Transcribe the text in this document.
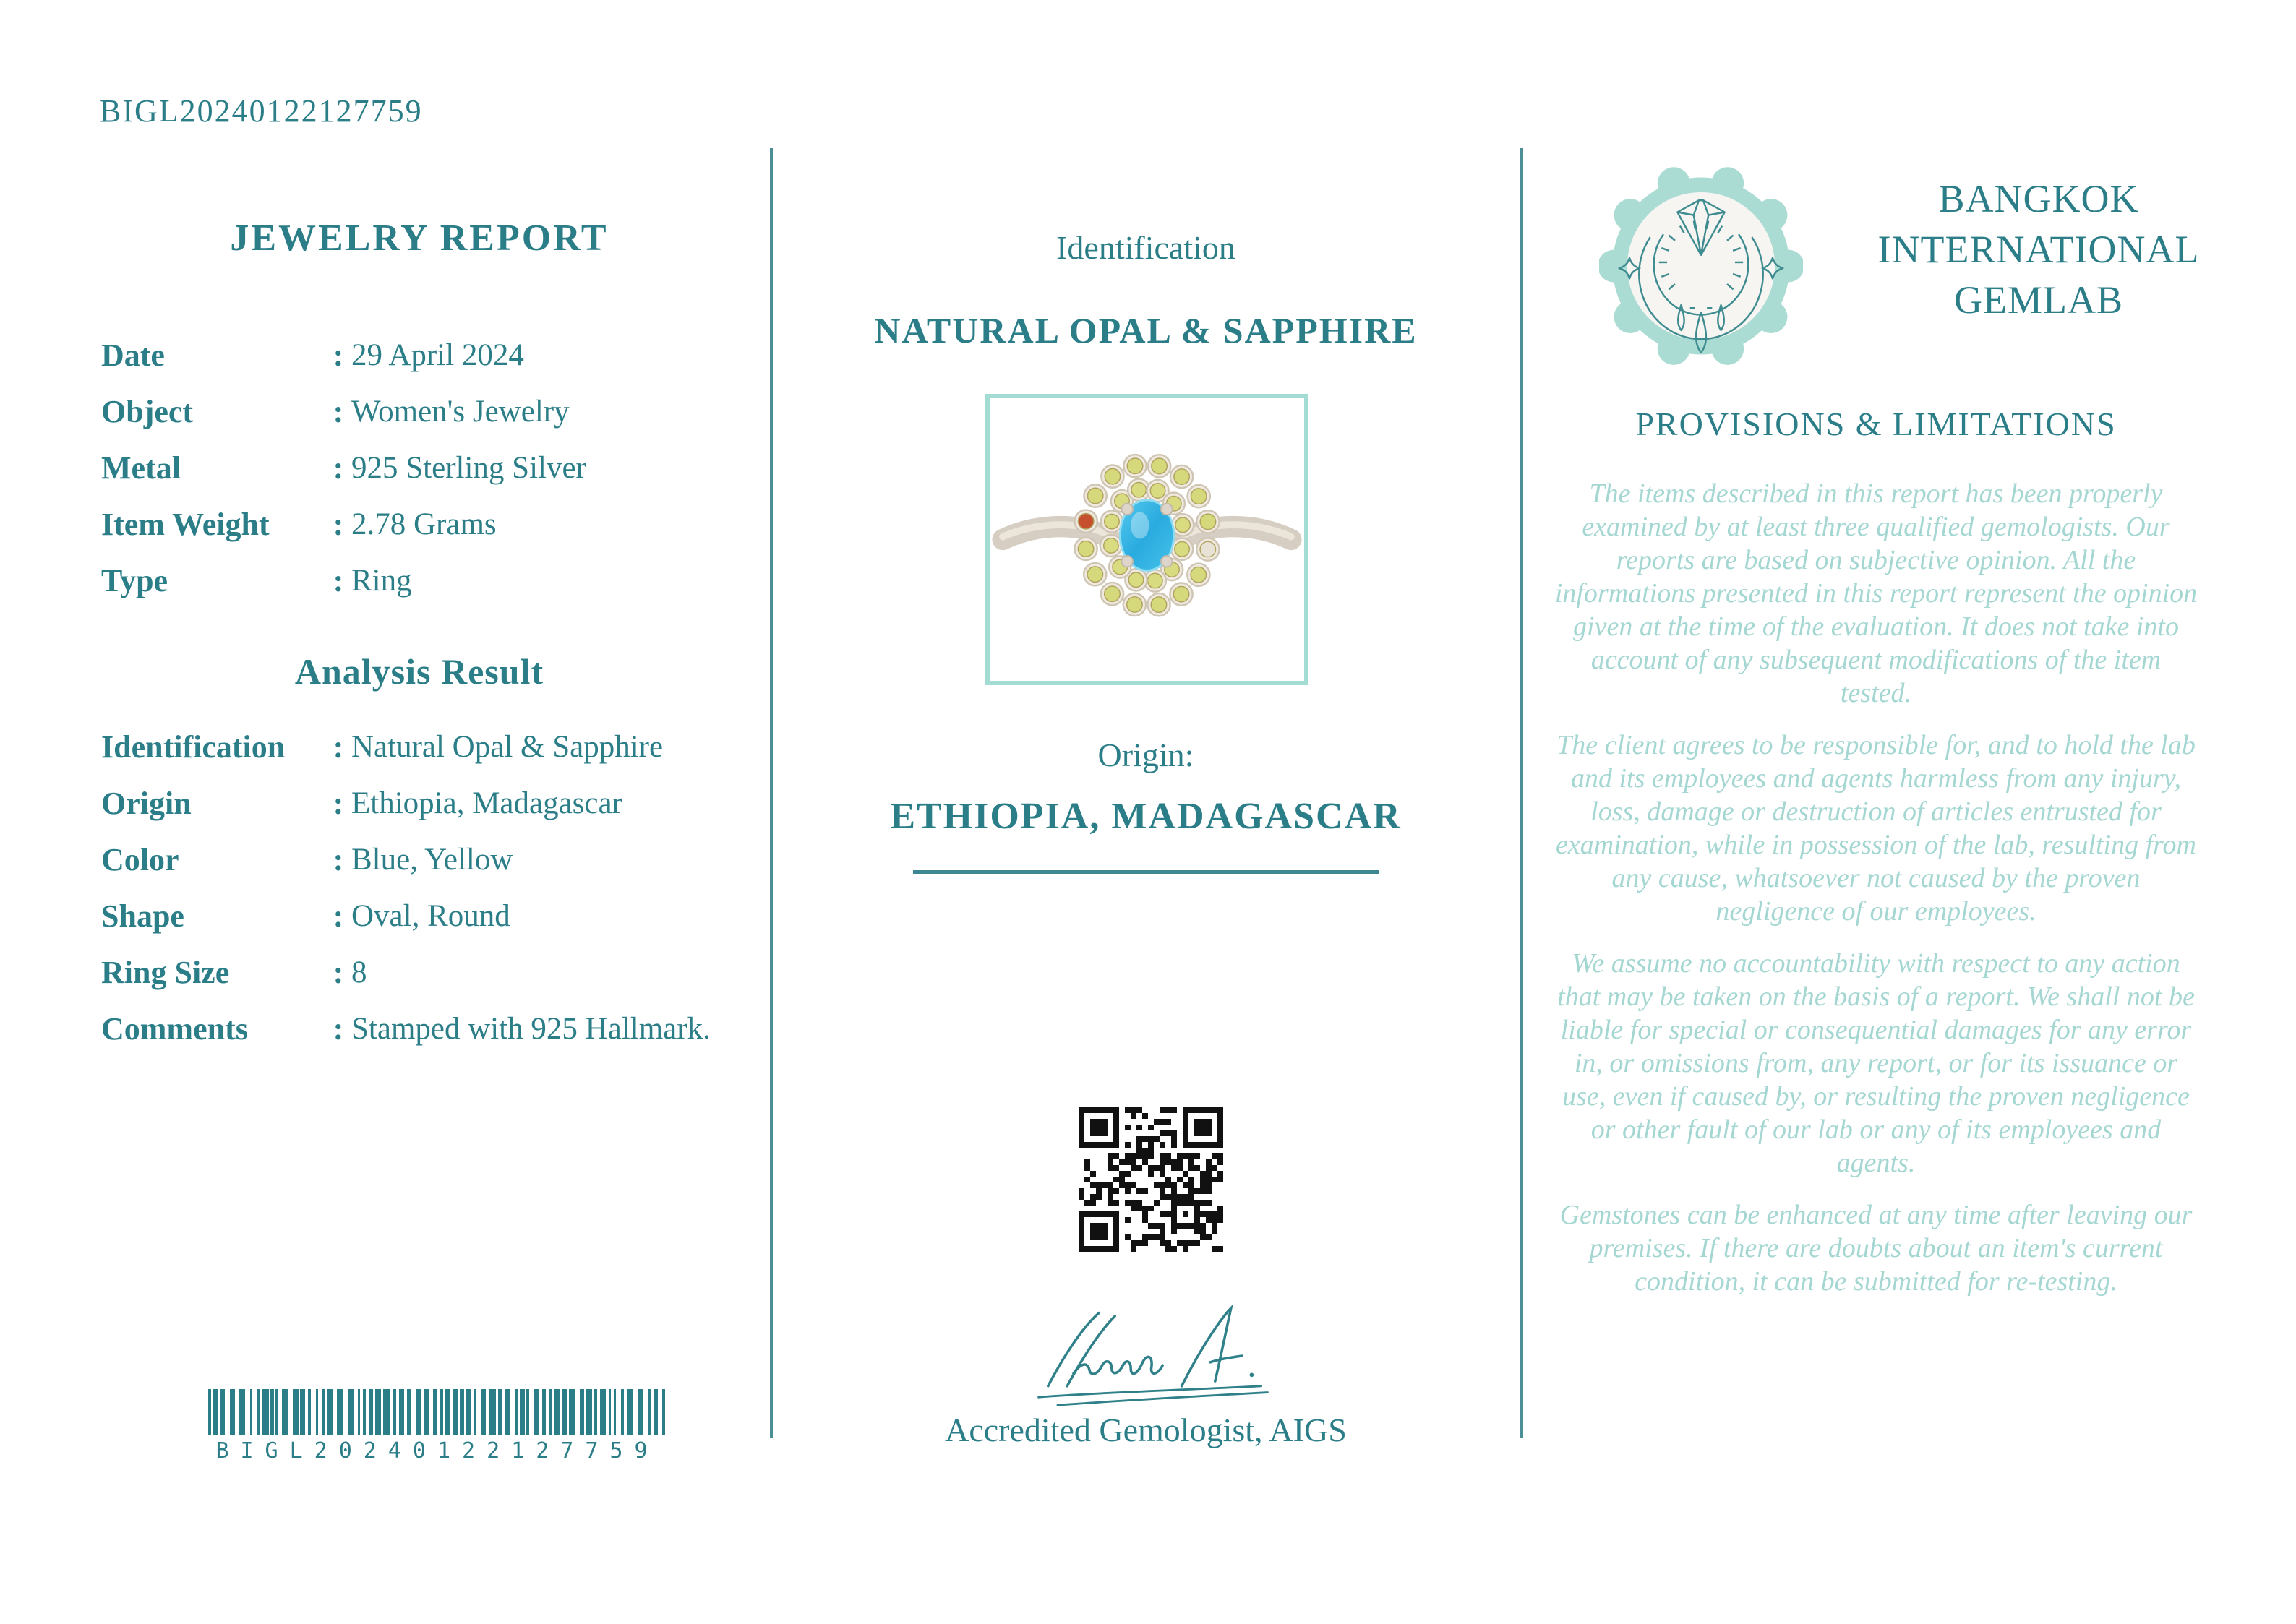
BIGL20240122127759
JEWELRY REPORT
Date	: 29 April 2024
Object	: Women's Jewelry
Metal	: 925 Sterling Silver
Item Weight	: 2.78 Grams
Type	: Ring
Analysis Result
Identification	: Natural Opal & Sapphire
Origin	: Ethiopia, Madagascar
Color	: Blue, Yellow
Shape	: Oval, Round
Ring Size	: 8
Comments	: Stamped with 925 Hallmark.
BIGL20240122127759
Identification
NATURAL OPAL & SAPPHIRE
Origin:
ETHIOPIA, MADAGASCAR
Accredited Gemologist, AIGS
BANGKOK
INTERNATIONAL
GEMLAB
PROVISIONS & LIMITATIONS

The items described in this report has been properly examined by at least three qualified gemologists. Our reports are based on subjective opinion. All the informations presented in this report represent the opinion given at the time of the evaluation. It does not take into account of any subsequent modifications of the item tested.

The client agrees to be responsible for, and to hold the lab and its employees and agents harmless from any injury, loss, damage or destruction of articles entrusted for examination, while in possession of the lab, resulting from any cause, whatsoever not caused by the proven negligence of our employees.

We assume no accountability with respect to any action that may be taken on the basis of a report. We shall not be liable for special or consequential damages for any error in, or omissions from, any report, or for its issuance or use, even if caused by, or resulting the proven negligence or other fault of our lab or any of its employees and agents.

Gemstones can be enhanced at any time after leaving our premises. If there are doubts about an item's current condition, it can be submitted for re-testing.
